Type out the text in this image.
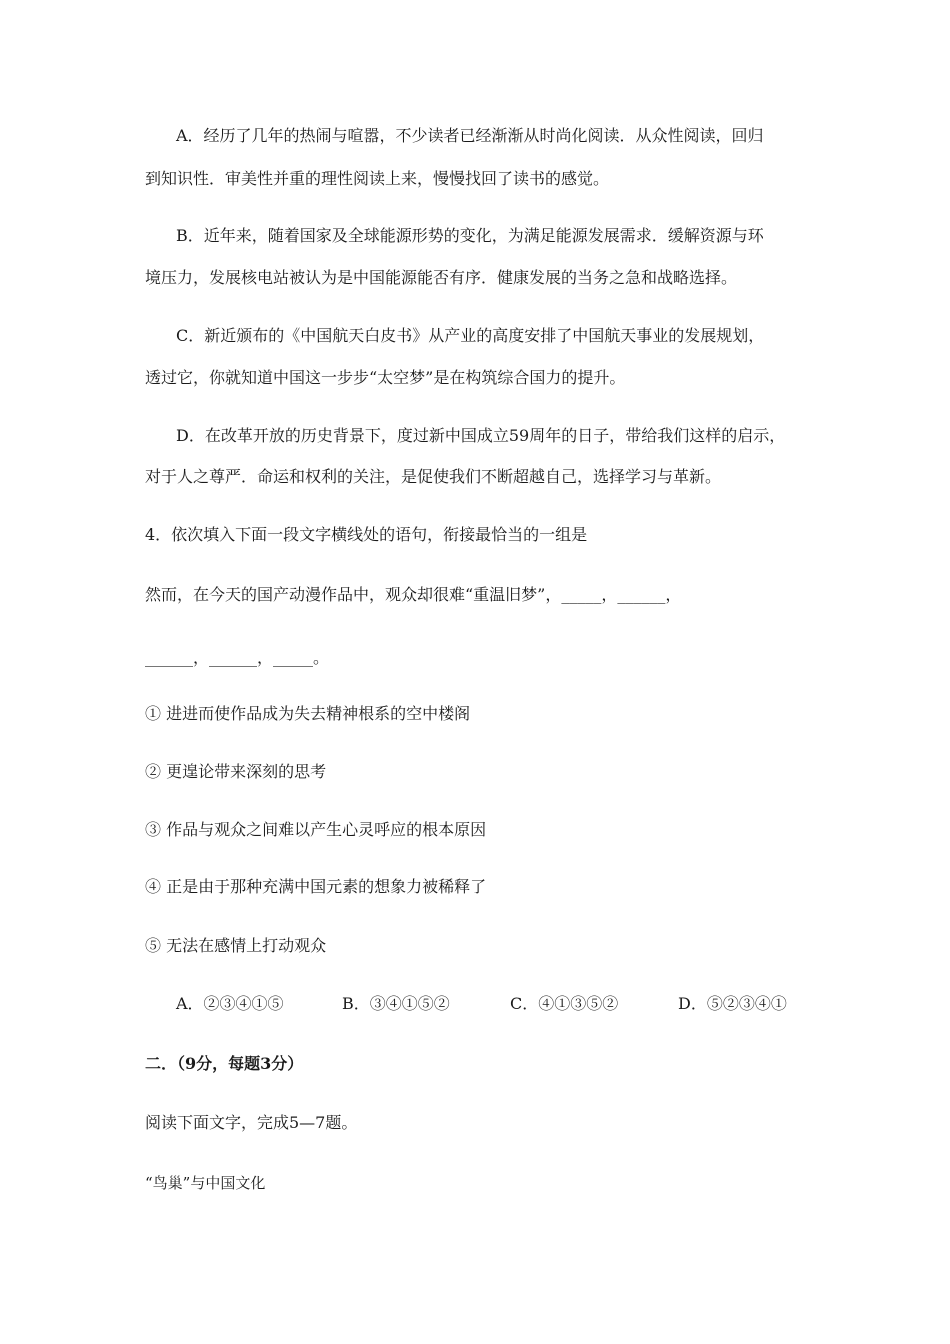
A．经历了几年的热闹与喧嚣，不少读者已经渐渐从时尚化阅读．从众性阅读，回归
到知识性．审美性并重的理性阅读上来，慢慢找回了读书的感觉。
B．近年来，随着国家及全球能源形势的变化，为满足能源发展需求．缓解资源与环
境压力，发展核电站被认为是中国能源能否有序．健康发展的当务之急和战略选择。
C．新近颁布的《中国航天白皮书》从产业的高度安排了中国航天事业的发展规划，
透过它，你就知道中国这一步步“太空梦”是在构筑综合国力的提升。
D．在改革开放的历史背景下，度过新中国成立59周年的日子，带给我们这样的启示，
对于人之尊严．命运和权利的关注，是促使我们不断超越自己，选择学习与革新。
4．依次填入下面一段文字横线处的语句，衔接最恰当的一组是
然而，在今天的国产动漫作品中，观众却很难“重温旧梦”，_____，______，
______，______，_____。
① 进进而使作品成为失去精神根系的空中楼阁
② 更遑论带来深刻的思考
③ 作品与观众之间难以产生心灵呼应的根本原因
④ 正是由于那种充满中国元素的想象力被稀释了
⑤ 无法在感情上打动观众
A．②③④①⑤	B．③④①⑤②	C．④①③⑤②	D．⑤②③④①
二．（9分，每题3分）
阅读下面文字，完成5—7题。
“鸟巢”与中国文化
